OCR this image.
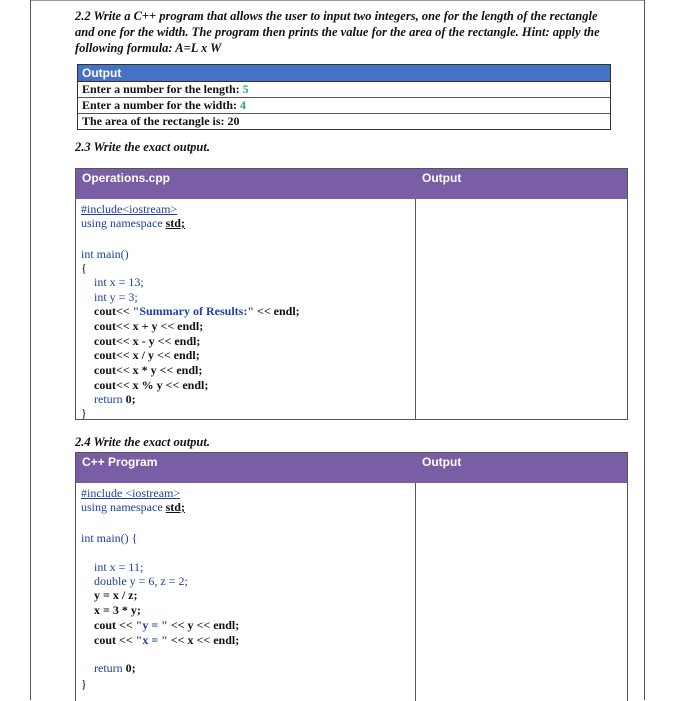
2.2 Write a C++ program that allows the user to input two integers, one for the length of the rectangle and one for the width. The program then prints the value for the area of the rectangle. Hint: apply the following formula: A=L x W
Output
Enter a number for the length: 5
Enter a number for the width: 4
The area of the rectangle is: 20
2.3 Write the exact output.
Operations.cpp	Output
#include<iostream>
using namespace std;
int main()
{
int x = 13;
int y = 3;
cout<< "Summary of Results:" << endl;
cout<< x + y << endl;
cout<< x - y << endl;
cout<< x / y << endl;
cout<< x * y << endl;
cout<< x % y << endl;
return 0;
}
2.4 Write the exact output.
C++ Program	Output
#include <iostream>
using namespace std;
int main() {
int x = 11;
double y = 6, z = 2;
y = x / z;
x = 3 * y;
cout << "y = " << y << endl;
cout << "x = " << x << endl;
return 0;
}
